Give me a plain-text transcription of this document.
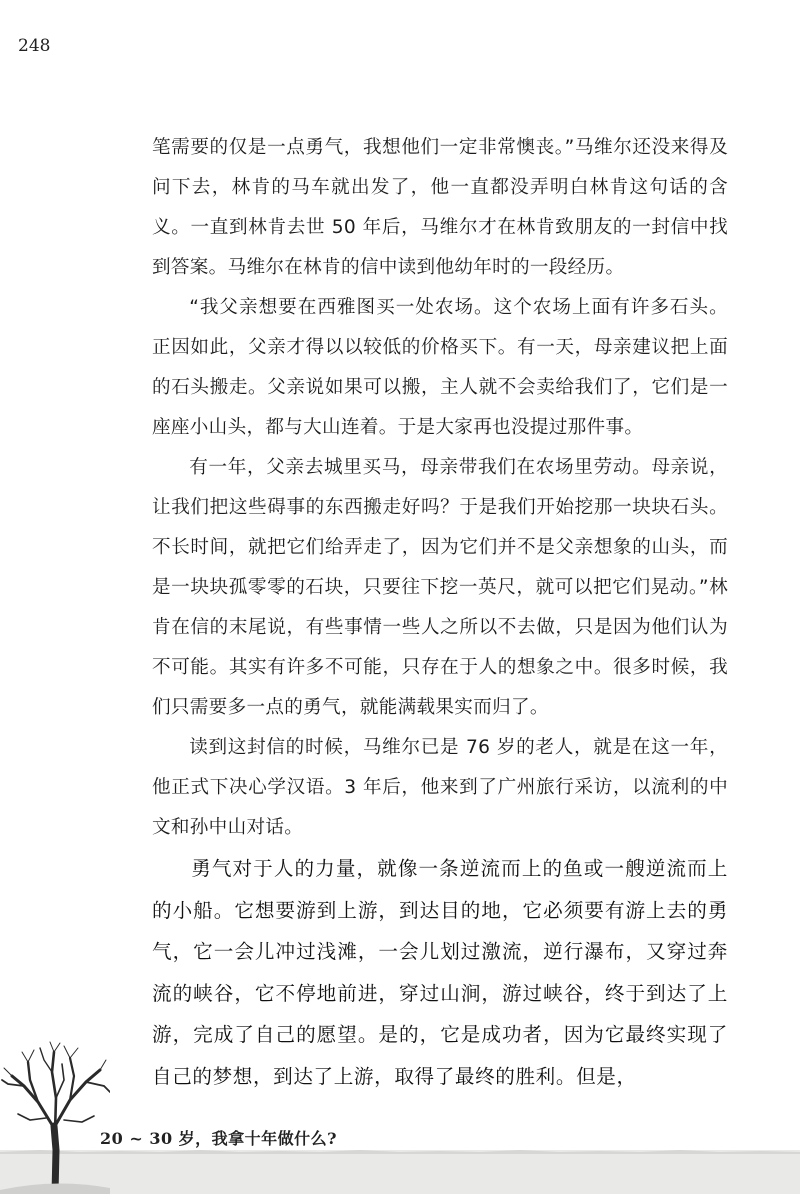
248

笔需要的仅是一点勇气，我想他们一定非常懊丧。”马维尔还没来得及问下去，林肯的马车就出发了，他一直都没弄明白林肯这句话的含义。一直到林肯去世 50 年后，马维尔才在林肯致朋友的一封信中找到答案。马维尔在林肯的信中读到他幼年时的一段经历。

“我父亲想要在西雅图买一处农场。这个农场上面有许多石头。正因如此，父亲才得以以较低的价格买下。有一天，母亲建议把上面的石头搬走。父亲说如果可以搬，主人就不会卖给我们了，它们是一座座小山头，都与大山连着。于是大家再也没提过那件事。

有一年，父亲去城里买马，母亲带我们在农场里劳动。母亲说，让我们把这些碍事的东西搬走好吗？于是我们开始挖那一块块石头。不长时间，就把它们给弄走了，因为它们并不是父亲想象的山头，而是一块块孤零零的石块，只要往下挖一英尺，就可以把它们晃动。”林肯在信的末尾说，有些事情一些人之所以不去做，只是因为他们认为不可能。其实有许多不可能，只存在于人的想象之中。很多时候，我们只需要多一点的勇气，就能满载果实而归了。

读到这封信的时候，马维尔已是 76 岁的老人，就是在这一年，他正式下决心学汉语。3 年后，他来到了广州旅行采访，以流利的中文和孙中山对话。

勇气对于人的力量，就像一条逆流而上的鱼或一艘逆流而上的小船。它想要游到上游，到达目的地，它必须要有游上去的勇气，它一会儿冲过浅滩，一会儿划过激流，逆行瀑布，又穿过奔流的峡谷，它不停地前进，穿过山涧，游过峡谷，终于到达了上游，完成了自己的愿望。是的，它是成功者，因为它最终实现了自己的梦想，到达了上游，取得了最终的胜利。但是，

20 ~ 30 岁，我拿十年做什么?
